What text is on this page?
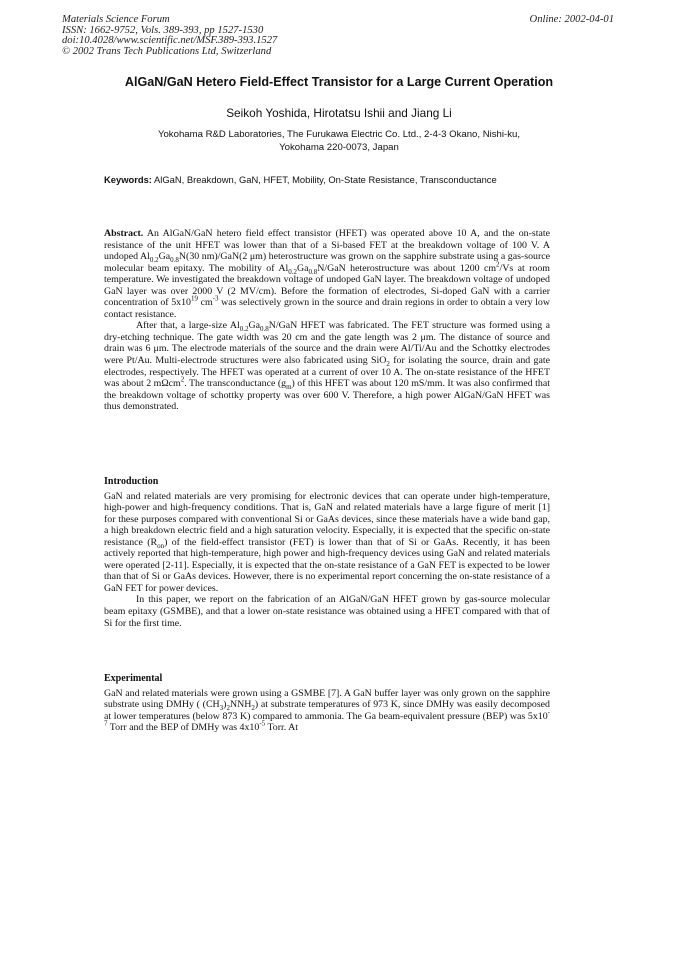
Materials Science Forum
ISSN: 1662-9752, Vols. 389-393, pp 1527-1530
doi:10.4028/www.scientific.net/MSF.389-393.1527
© 2002 Trans Tech Publications Ltd, Switzerland
Online: 2002-04-01
AlGaN/GaN Hetero Field-Effect Transistor for a Large Current Operation
Seikoh Yoshida, Hirotatsu Ishii and Jiang Li
Yokohama R&D Laboratories, The Furukawa Electric Co. Ltd., 2-4-3 Okano, Nishi-ku,
Yokohama 220-0073, Japan
Keywords: AlGaN, Breakdown, GaN, HFET, Mobility, On-State Resistance, Transconductance

Abstract. An AlGaN/GaN hetero field effect transistor (HFET) was operated above 10 A, and the on-state resistance of the unit HFET was lower than that of a Si-based FET at the breakdown voltage of 100 V. A undoped $Al_{0.2}Ga_{0.8}N(30$ nm)/GaN(2 μm) heterostructure was grown on the sapphire substrate using a gas-source molecular beam epitaxy. The mobility of $Al_{0.2}Ga_{0.8}N$/GaN heterostructure was about 1200 $cm^2/Vs$ at room temperature. We investigated the breakdown voltage of undoped GaN layer. The breakdown voltage of undoped GaN layer was over 2000 V (2 MV/cm). Before the formation of electrodes, Si-doped GaN with a carrier concentration of $5x10^{19}$ $cm^{-3}$ was selectively grown in the source and drain regions in order to obtain a very low contact resistance.

After that, a large-size $Al_{0.2}Ga_{0.8}N$/GaN HFET was fabricated. The FET structure was formed using a dry-etching technique. The gate width was 20 cm and the gate length was 2 μm. The distance of source and drain was 6 μm. The electrode materials of the source and the drain were Al/Ti/Au and the Schottky electrodes were Pt/Au. Multi-electrode structures were also fabricated using SiO$_2$ for isolating the source, drain and gate electrodes, respectively. The HFET was operated at a current of over 10 A. The on-state resistance of the HFET was about 2 mΩcm$^2$. The transconductance $(g_m)$ of this HFET was about 120 mS/mm. It was also confirmed that the breakdown voltage of schottky property was over 600 V. Therefore, a high power AlGaN/GaN HFET was thus demonstrated.

Introduction

GaN and related materials are very promising for electronic devices that can operate under high-temperature, high-power and high-frequency conditions. That is, GaN and related materials have a large figure of merit [1] for these purposes compared with conventional Si or GaAs devices, since these materials have a wide band gap, a high breakdown electric field and a high saturation velocity. Especially, it is expected that the specific on-state resistance $(R_{on})$ of the field-effect transistor (FET) is lower than that of Si or GaAs. Recently, it has been actively reported that high-temperature, high power and high-frequency devices using GaN and related materials were operated [2-11]. Especially, it is expected that the on-state resistance of a GaN FET is expected to be lower than that of Si or GaAs devices. However, there is no experimental report concerning the on-state resistance of a GaN FET for power devices.

In this paper, we report on the fabrication of an AlGaN/GaN HFET grown by gas-source molecular beam epitaxy (GSMBE), and that a lower on-state resistance was obtained using a HFET compared with that of Si for the first time.

Experimental

GaN and related materials were grown using a GSMBE [7]. A GaN buffer layer was only grown on the sapphire substrate using DMHy ( $(CH_3)_2NNH_2$) at substrate temperatures of 973 K, since DMHy was easily decomposed at lower temperatures (below 873 K) compared to ammonia. The Ga beam-equivalent pressure (BEP) was $5x10^{-7}$ Torr and the BEP of DMHy was $4x10^{-5}$ Torr. At
